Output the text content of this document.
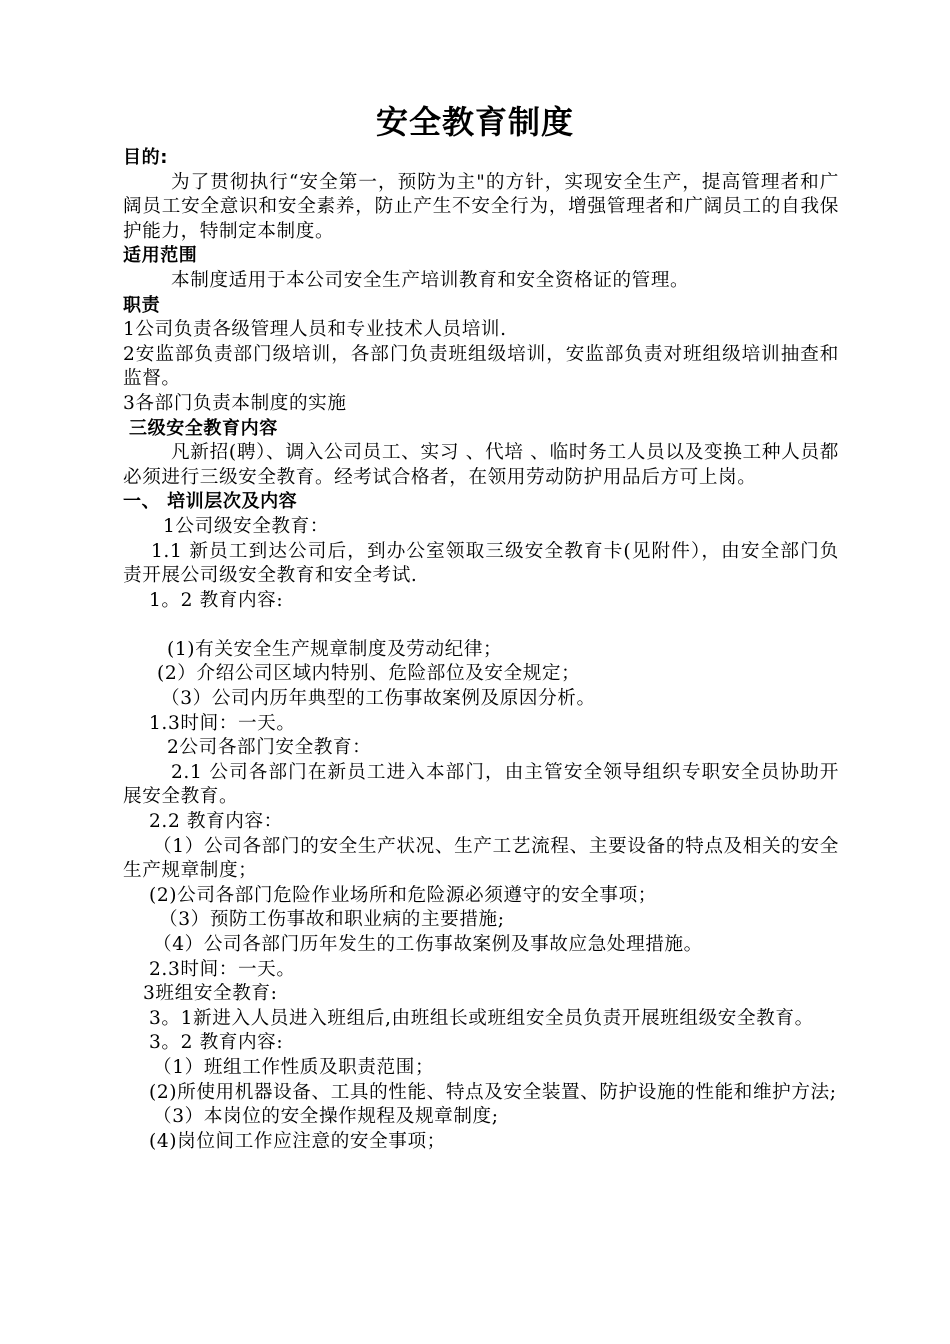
安全教育制度

目的:

为了贯彻执行“安全第一，预防为主"的方针，实现安全生产，提高管理者和广阔员工安全意识和安全素养，防止产生不安全行为，增强管理者和广阔员工的自我保护能力，特制定本制度。

适用范围

本制度适用于本公司安全生产培训教育和安全资格证的管理。

职责

1公司负责各级管理人员和专业技术人员培训.

2安监部负责部门级培训，各部门负责班组级培训，安监部负责对班组级培训抽查和监督。

3各部门负责本制度的实施

三级安全教育内容

凡新招(聘）、调入公司员工、实习 、代培 、临时务工人员以及变换工种人员都必须进行三级安全教育。经考试合格者，在领用劳动防护用品后方可上岗。

一、 培训层次及内容

1公司级安全教育：

1.1 新员工到达公司后，到办公室领取三级安全教育卡(见附件），由安全部门负责开展公司级安全教育和安全考试.

1。2 教育内容:

(1)有关安全生产规章制度及劳动纪律；

(2）介绍公司区域内特别、危险部位及安全规定；

（3）公司内历年典型的工伤事故案例及原因分析。

1.3时间：一天。

2公司各部门安全教育：

2.1 公司各部门在新员工进入本部门，由主管安全领导组织专职安全员协助开展安全教育。

2.2 教育内容：

（1）公司各部门的安全生产状况、生产工艺流程、主要设备的特点及相关的安全生产规章制度；

(2)公司各部门危险作业场所和危险源必须遵守的安全事项；

（3）预防工伤事故和职业病的主要措施;

（4）公司各部门历年发生的工伤事故案例及事故应急处理措施。

2.3时间：一天。

3班组安全教育:

3。1新进入人员进入班组后,由班组长或班组安全员负责开展班组级安全教育。

3。2 教育内容:

（1）班组工作性质及职责范围；

(2)所使用机器设备、工具的性能、特点及安全装置、防护设施的性能和维护方法;

（3）本岗位的安全操作规程及规章制度;

(4)岗位间工作应注意的安全事项；
